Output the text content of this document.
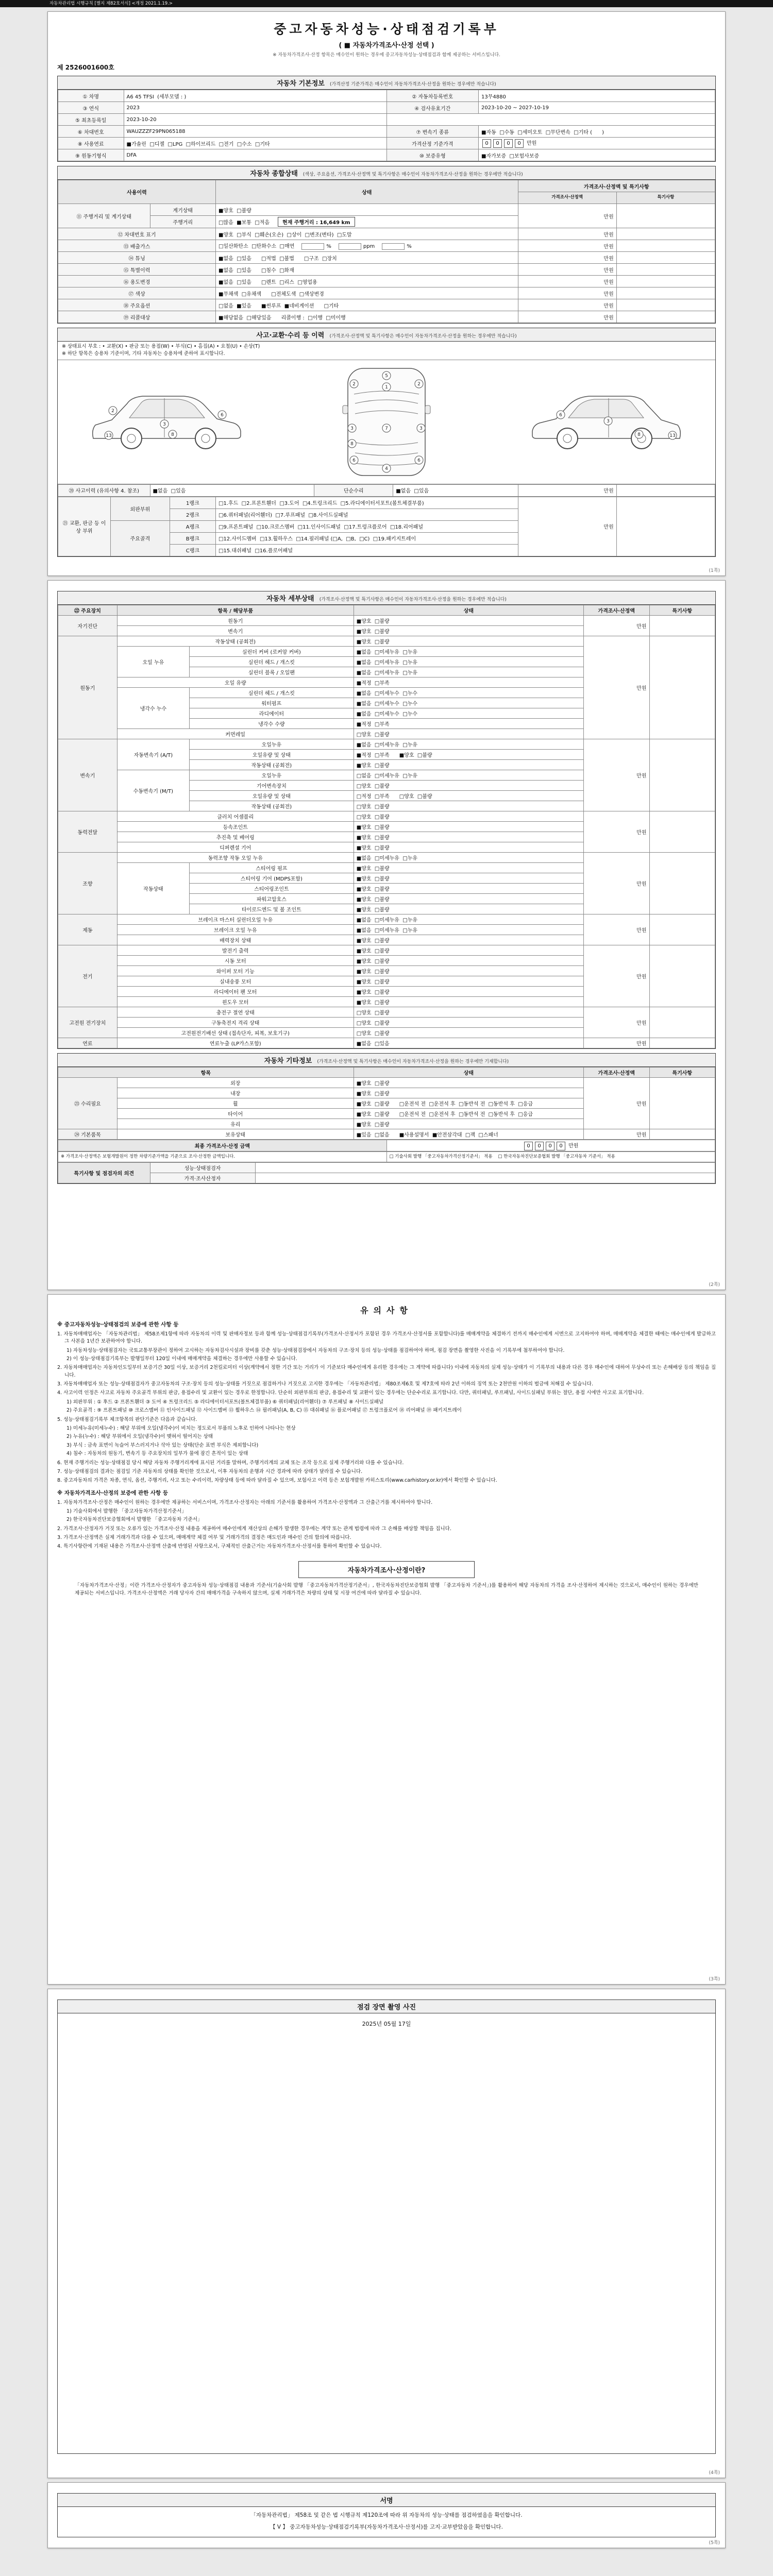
자동차관리법 시행규칙 [별지 제82호서식] <개정 2021.1.19.>
중고자동차성능·상태점검기록부
( ■ 자동차가격조사·산정 선택 )
※ 자동차가격조사·산정 항목은 매수인이 원하는 경우에 중고자동차성능·상태점검과 함께 제공하는 서비스입니다.
제 2526001600호
자동차 기본정보 (가격산정 기준가격은 매수인이 자동차가격조사·산정을 원하는 경우에만 적습니다)
① 차명	A6 45 TFSI  (세부모델 : )	② 자동차등록번호	13무4880
③ 연식	2023	④ 검사유효기간	2023-10-20 ~ 2027-10-19
⑤ 최초등록일	2023-10-20		
⑥ 차대번호	WAUZZZF29PN065188	⑦ 변속기 종류	■자동  □수동  □세미오토  □무단변속  □기타 (      )
⑧ 사용연료	■가솔린  □디젤  □LPG  □하이브리드  □전기  □수소  □기타	가격산정 기준가격	0 0 0 0 만원
⑨ 원동기형식	DFA	⑩ 보증유형	■자가보증  □보험사보증
자동차 종합상태 (색상, 주요옵션, 가격조사·산정액 및 특기사항은 매수인이 자동차가격조사·산정을 원하는 경우에만 적습니다)
사용이력		상태	가격조사·산정액 및 특기사항	
			가격조사·산정액	특기사항
⑪ 주행거리 및 계기상태	계기상태	■양호  □불량	만원	
	주행거리	□많음  ■보통  □적음 현재 주행거리 : 16,649 km		
⑫ 차대번호 표기		■양호  □부식  □훼손(오손)  □상이  □변조(변타)  □도말	만원	
⑬ 배출가스		□일산화탄소  □탄화수소  □매연 % ppm %	만원	
⑭ 튜닝		■없음  □있음      □적법  □불법      □구조  □장치	만원	
⑮ 특별이력		■없음  □있음      □침수  □화재	만원	
⑯ 용도변경		■없음  □있음      □렌트  □리스  □영업용	만원	
⑰ 색상		■무채색  □유채색      □전체도색  □색상변경	만원	
⑱ 주요옵션		□없음  ■있음      ■썬루프  ■네비게이션      □기타	만원	
⑲ 리콜대상		■해당없음  □해당있음      리콜이행 :  □이행  □미이행	만원	
사고·교환·수리 등 이력 (가격조사·산정액 및 특기사항은 매수인이 자동차가격조사·산정을 원하는 경우에만 적습니다)
※ 상태표시 부호 : • 교환(X) • 판금 또는 용접(W) • 부식(C) • 흠집(A) • 요철(U) • 손상(T)
※ 하단 항목은 승용차 기준이며, 기타 자동차는 승용차에 준하여 표시합니다.
2
3
6
8
13
5
1
2	2
3	3
7
8
6	6
4
3
6
8	13
⑳ 사고이력 (유의사항 4. 참조)	■없음  □있음	단순수리	■없음  □있음	만원	
㉑ 교환, 판금 등 이상 부위	외판부위	1랭크	□1.후드  □2.프론트휀더  □3.도어  □4.트렁크리드  □5.라디에이터서포트(볼트체결부품)	만원	
		2랭크	□6.쿼터패널(리어휀더)  □7.루프패널  □8.사이드실패널		
	주요골격	A랭크	□9.프론트패널  □10.크로스멤버  □11.인사이드패널  □17.트렁크플로어  □18.리어패널		
		B랭크	□12.사이드멤버  □13.휠하우스  □14.필러패널 (□A,  □B,  □C)  □19.패키지트레이		
		C랭크	□15.대쉬패널  □16.플로어패널		
(1쪽)
자동차 세부상태 (가격조사·산정액 및 특기사항은 매수인이 자동차가격조사·산정을 원하는 경우에만 적습니다)
㉒ 주요장치	항목 / 해당부품		상태	가격조사·산정액	특기사항
자기진단	원동기		■양호  □불량	만원	
	변속기		■양호  □불량		
원동기	작동상태 (공회전)		■양호  □불량	만원	
	오일 누유	실린더 커버 (로커암 커버)	■없음  □미세누유  □누유		
		실린더 헤드 / 개스킷	■없음  □미세누유  □누유		
		실린더 블록 / 오일팬	■없음  □미세누유  □누유		
	오일 유량		■적정  □부족		
	냉각수 누수	실린더 헤드 / 개스킷	■없음  □미세누수  □누수		
		워터펌프	■없음  □미세누수  □누수		
		라디에이터	■없음  □미세누수  □누수		
		냉각수 수량	■적정  □부족		
	커먼레일		□양호  □불량		
변속기	자동변속기 (A/T)	오일누유	■없음  □미세누유  □누유	만원	
		오일유량 및 상태	■적정  □부족      ■양호  □불량		
		작동상태 (공회전)	■양호  □불량		
	수동변속기 (M/T)	오일누유	□없음  □미세누유  □누유		
		기어변속장치	□양호  □불량		
		오일유량 및 상태	□적정  □부족      □양호  □불량		
		작동상태 (공회전)	□양호  □불량		
동력전달	클러치 어셈블리		□양호  □불량	만원	
	등속조인트		■양호  □불량		
	추진축 및 베어링		■양호  □불량		
	디퍼렌셜 기어		■양호  □불량		
조향	동력조향 작동 오일 누유		■없음  □미세누유  □누유	만원	
	작동상태	스티어링 펌프	■양호  □불량		
		스티어링 기어 (MDPS포함)	■양호  □불량		
		스티어링조인트	■양호  □불량		
		파워고압호스	■양호  □불량		
		타이로드엔드 및 볼 조인트	■양호  □불량		
제동	브레이크 마스터 실린더오일 누유		■없음  □미세누유  □누유	만원	
	브레이크 오일 누유		■없음  □미세누유  □누유		
	배력장치 상태		■양호  □불량		
전기	발전기 출력		■양호  □불량	만원	
	시동 모터		■양호  □불량		
	와이퍼 모터 기능		■양호  □불량		
	실내송풍 모터		■양호  □불량		
	라디에이터 팬 모터		■양호  □불량		
	윈도우 모터		■양호  □불량		
고전원 전기장치	충전구 절연 상태		□양호  □불량	만원	
	구동축전지 격리 상태		□양호  □불량		
	고전원전기배선 상태 (접속단자, 피복, 보호기구)		□양호  □불량		
연료	연료누출 (LP가스포함)		■없음  □있음	만원	
자동차 기타정보 (가격조사·산정액 및 특기사항은 매수인이 자동차가격조사·산정을 원하는 경우에만 기재합니다)
항목		상태	가격조사·산정액	특기사항
㉓ 수리필요	외장	■양호  □불량	만원	
	내장	■양호  □불량		
	휠	■양호  □불량      □운전석 전  □운전석 후  □동반석 전  □동반석 후  □응급		
	타이어	■양호  □불량      □운전석 전  □운전석 후  □동반석 전  □동반석 후  □응급		
	유리	■양호  □불량		
㉔ 기본품목	보유상태	■있음  □없음      ■사용설명서  ■안전삼각대  □잭  □스패너	만원	
최종 가격조사·산정 금액	0 0 0 0 만원
※ 가격조사·산정액은 보험개발원이 정한 차량기준가액을 기준으로 조사·산정한 금액입니다.	□ 기술사회 발행 「중고자동차가격산정기준서」 적용    □ 한국자동차진단보증협회 발행 「중고자동차 기준서」 적용
특기사항 및 점검자의 의견	성능·상태점검자	
	가격·조사산정자	
(2쪽)
유의사항
※ 중고자동차성능·상태점검의 보증에 관한 사항 등
1. 자동차매매업자는 「자동차관리법」 제58조제1항에 따라 자동차의 이력 및 판매자정보 등과 함께 성능·상태점검기록부(가격조사·산정서가 포함된 경우 가격조사·산정서를 포함합니다)를 매매계약을 체결하기 전까지 매수인에게 서면으로 고지하여야 하며, 매매계약을 체결한 때에는 매수인에게 발급하고 그 사본을 1년간 보관하여야 합니다.
1) 자동차성능·상태점검자는 국토교통부장관이 정하여 고시하는 자동차검사시설과 장비를 갖춘 성능·상태점검장에서 자동차의 구조·장치 등의 성능·상태를 점검하여야 하며, 점검 장면을 촬영한 사진을 이 기록부에 첨부하여야 합니다.
2) 이 성능·상태점검기록부는 발행일부터 120일 이내에 매매계약을 체결하는 경우에만 사용할 수 있습니다.
2. 자동차매매업자는 자동차인도일부터 보증기간 30일 이상, 보증거리 2천킬로미터 이상(계약에서 정한 기간 또는 거리가 이 기준보다 매수인에게 유리한 경우에는 그 계약에 따릅니다) 이내에 자동차의 실제 성능·상태가 이 기록부의 내용과 다른 경우 매수인에 대하여 무상수리 또는 손해배상 등의 책임을 집니다.
3. 자동차매매업자 또는 성능·상태점검자가 중고자동차의 구조·장치 등의 성능·상태를 거짓으로 점검하거나 거짓으로 고지한 경우에는 「자동차관리법」 제80조제6호 및 제7호에 따라 2년 이하의 징역 또는 2천만원 이하의 벌금에 처해질 수 있습니다.
4. 사고이력 인정은 사고로 자동차 주요골격 부위의 판금, 용접수리 및 교환이 있는 경우로 한정합니다. 단순히 외판부위의 판금, 용접수리 및 교환이 있는 경우에는 단순수리로 표기합니다. 다만, 쿼터패널, 루프패널, 사이드실패널 부위는 절단, 용접 시에만 사고로 표기합니다.
1) 외판부위 : ① 후드 ② 프론트휀더 ③ 도어 ④ 트렁크리드 ⑤ 라디에이터서포트(볼트체결부품) ⑥ 쿼터패널(리어휀더) ⑦ 루프패널 ⑧ 사이드실패널
2) 주요골격 : ⑨ 프론트패널 ⑩ 크로스멤버 ⑪ 인사이드패널 ⑫ 사이드멤버 ⑬ 휠하우스 ⑭ 필러패널(A, B, C) ⑮ 대쉬패널 ⑯ 플로어패널 ⑰ 트렁크플로어 ⑱ 리어패널 ⑲ 패키지트레이
5. 성능·상태점검기록부 체크항목의 판단기준은 다음과 같습니다.
1) 미세누유(미세누수) : 해당 부위에 오일(냉각수)이 비치는 정도로서 부품의 노후로 인하여 나타나는 현상
2) 누유(누수) : 해당 부위에서 오일(냉각수)이 맺혀서 떨어지는 상태
3) 부식 : 금속 표면이 녹슬어 부스러지거나 삭아 있는 상태(단순 표면 부식은 제외합니다)
4) 침수 : 자동차의 원동기, 변속기 등 주요장치의 일부가 물에 잠긴 흔적이 있는 상태
6. 현재 주행거리는 성능·상태점검 당시 해당 자동차 주행거리계에 표시된 거리를 말하며, 주행거리계의 교체 또는 조작 등으로 실제 주행거리와 다를 수 있습니다.
7. 성능·상태점검의 결과는 점검일 기준 자동차의 상태를 확인한 것으로서, 이후 자동차의 운행과 시간 경과에 따라 상태가 달라질 수 있습니다.
8. 중고자동차의 가격은 차종, 연식, 옵션, 주행거리, 사고 또는 수리이력, 차량상태 등에 따라 달라질 수 있으며, 보험사고 이력 등은 보험개발원 카히스토리(www.carhistory.or.kr)에서 확인할 수 있습니다.
※ 자동차가격조사·산정의 보증에 관한 사항 등
1. 자동차가격조사·산정은 매수인이 원하는 경우에만 제공하는 서비스이며, 가격조사·산정자는 아래의 기준서를 활용하여 가격조사·산정액과 그 산출근거를 제시하여야 합니다.
1) 기술사회에서 발행한 「중고자동차가격산정기준서」
2) 한국자동차진단보증협회에서 발행한 「중고자동차 기준서」
2. 가격조사·산정자가 거짓 또는 오류가 있는 가격조사·산정 내용을 제공하여 매수인에게 재산상의 손해가 발생한 경우에는 계약 또는 관계 법령에 따라 그 손해를 배상할 책임을 집니다.
3. 가격조사·산정액은 실제 거래가격과 다를 수 있으며, 매매계약 체결 여부 및 거래가격의 결정은 매도인과 매수인 간의 합의에 따릅니다.
4. 특기사항란에 기재된 내용은 가격조사·산정액 산출에 반영된 사항으로서, 구체적인 산출근거는 자동차가격조사·산정서를 통하여 확인할 수 있습니다.
자동차가격조사·산정이란?
「자동차가격조사·산정」이란 가격조사·산정자가 중고자동차 성능·상태점검 내용과 기준서(기술사회 발행 「중고자동차가격산정기준서」, 한국자동차진단보증협회 발행 「중고자동차 기준서」)를 활용하여 해당 자동차의 가격을 조사·산정하여 제시하는 것으로서, 매수인이 원하는 경우에만 제공되는 서비스입니다. 가격조사·산정액은 거래 당사자 간의 매매가격을 구속하지 않으며, 실제 거래가격은 차량의 상태 및 시장 여건에 따라 달라질 수 있습니다.
(3쪽)
점검 장면 촬영 사진
2025년 05월 17일
(4쪽)
서명
「자동차관리법」 제58조 및 같은 법 시행규칙 제120조에 따라 위 자동차의 성능·상태를 점검하였음을 확인합니다.
【 V 】 중고자동차성능·상태점검기록부(자동차가격조사·산정서)를 고지·교부받았음을 확인합니다.
(5쪽)
